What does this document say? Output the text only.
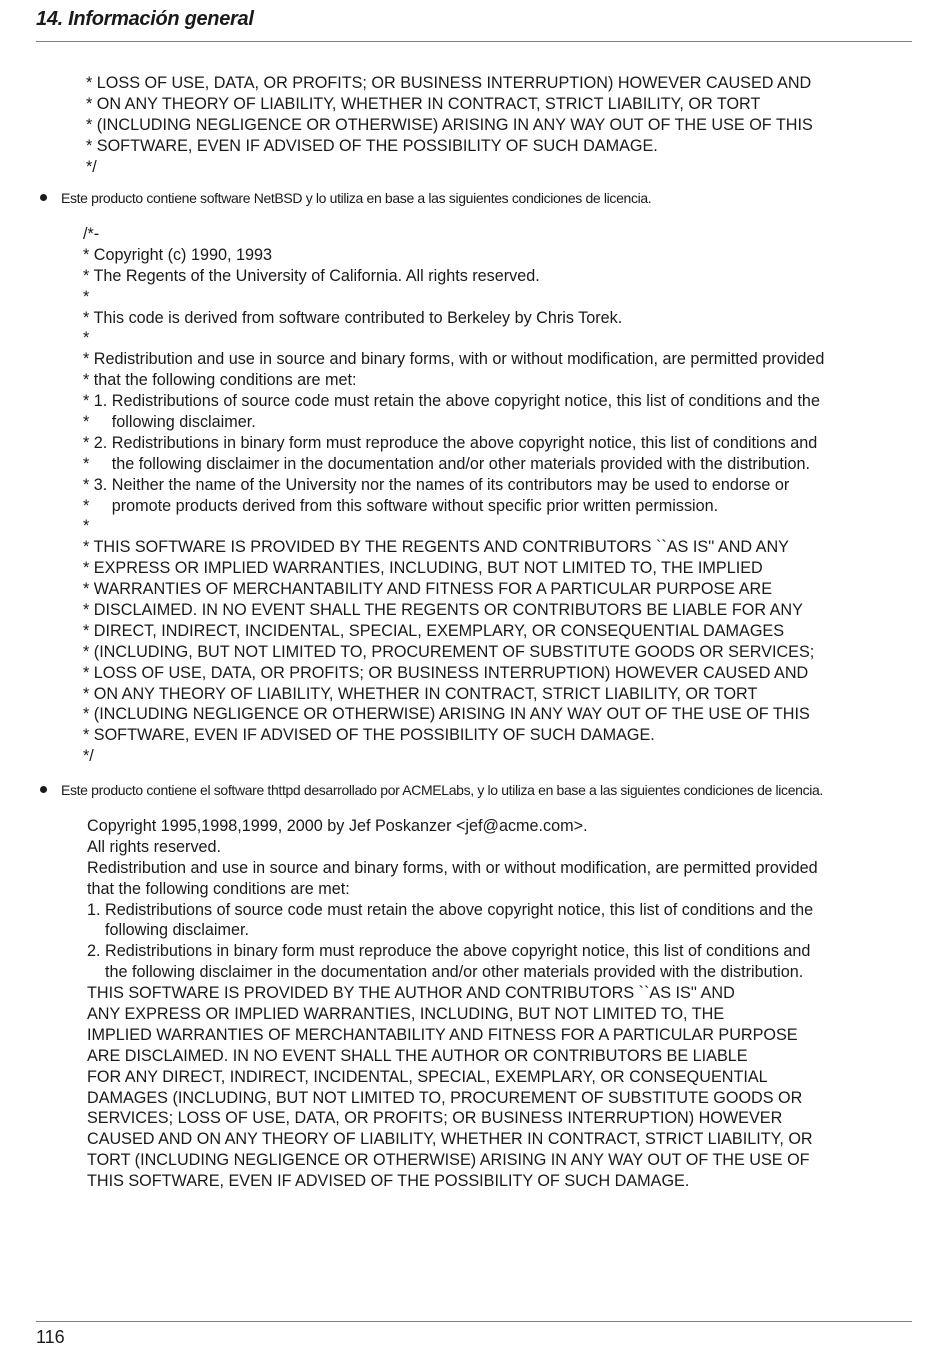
14. Información general
* LOSS OF USE, DATA, OR PROFITS; OR BUSINESS INTERRUPTION) HOWEVER CAUSED AND
* ON ANY THEORY OF LIABILITY, WHETHER IN CONTRACT, STRICT LIABILITY, OR TORT
* (INCLUDING NEGLIGENCE OR OTHERWISE) ARISING IN ANY WAY OUT OF THE USE OF THIS
* SOFTWARE, EVEN IF ADVISED OF THE POSSIBILITY OF SUCH DAMAGE.
*/
Este producto contiene software NetBSD y lo utiliza en base a las siguientes condiciones de licencia.
/*-
* Copyright (c) 1990, 1993
* The Regents of the University of California. All rights reserved.
*
* This code is derived from software contributed to Berkeley by Chris Torek.
*
* Redistribution and use in source and binary forms, with or without modification, are permitted provided
* that the following conditions are met:
* 1. Redistributions of source code must retain the above copyright notice, this list of conditions and the
*     following disclaimer.
* 2. Redistributions in binary form must reproduce the above copyright notice, this list of conditions and
*     the following disclaimer in the documentation and/or other materials provided with the distribution.
* 3. Neither the name of the University nor the names of its contributors may be used to endorse or
*     promote products derived from this software without specific prior written permission.
*
* THIS SOFTWARE IS PROVIDED BY THE REGENTS AND CONTRIBUTORS ``AS IS'' AND ANY
* EXPRESS OR IMPLIED WARRANTIES, INCLUDING, BUT NOT LIMITED TO, THE IMPLIED
* WARRANTIES OF MERCHANTABILITY AND FITNESS FOR A PARTICULAR PURPOSE ARE
* DISCLAIMED. IN NO EVENT SHALL THE REGENTS OR CONTRIBUTORS BE LIABLE FOR ANY
* DIRECT, INDIRECT, INCIDENTAL, SPECIAL, EXEMPLARY, OR CONSEQUENTIAL DAMAGES
* (INCLUDING, BUT NOT LIMITED TO, PROCUREMENT OF SUBSTITUTE GOODS OR SERVICES;
* LOSS OF USE, DATA, OR PROFITS; OR BUSINESS INTERRUPTION) HOWEVER CAUSED AND
* ON ANY THEORY OF LIABILITY, WHETHER IN CONTRACT, STRICT LIABILITY, OR TORT
* (INCLUDING NEGLIGENCE OR OTHERWISE) ARISING IN ANY WAY OUT OF THE USE OF THIS
* SOFTWARE, EVEN IF ADVISED OF THE POSSIBILITY OF SUCH DAMAGE.
*/
Este producto contiene el software thttpd desarrollado por ACMELabs, y lo utiliza en base a las siguientes condiciones de licencia.
Copyright 1995,1998,1999, 2000 by Jef Poskanzer <jef@acme.com>.
All rights reserved.
Redistribution and use in source and binary forms, with or without modification, are permitted provided
that the following conditions are met:
1. Redistributions of source code must retain the above copyright notice, this list of conditions and the
following disclaimer.
2. Redistributions in binary form must reproduce the above copyright notice, this list of conditions and
the following disclaimer in the documentation and/or other materials provided with the distribution.
THIS SOFTWARE IS PROVIDED BY THE AUTHOR AND CONTRIBUTORS ``AS IS'' AND
ANY EXPRESS OR IMPLIED WARRANTIES, INCLUDING, BUT NOT LIMITED TO, THE
IMPLIED WARRANTIES OF MERCHANTABILITY AND FITNESS FOR A PARTICULAR PURPOSE
ARE DISCLAIMED. IN NO EVENT SHALL THE AUTHOR OR CONTRIBUTORS BE LIABLE
FOR ANY DIRECT, INDIRECT, INCIDENTAL, SPECIAL, EXEMPLARY, OR CONSEQUENTIAL
DAMAGES (INCLUDING, BUT NOT LIMITED TO, PROCUREMENT OF SUBSTITUTE GOODS OR
SERVICES; LOSS OF USE, DATA, OR PROFITS; OR BUSINESS INTERRUPTION) HOWEVER
CAUSED AND ON ANY THEORY OF LIABILITY, WHETHER IN CONTRACT, STRICT LIABILITY, OR
TORT (INCLUDING NEGLIGENCE OR OTHERWISE) ARISING IN ANY WAY OUT OF THE USE OF
THIS SOFTWARE, EVEN IF ADVISED OF THE POSSIBILITY OF SUCH DAMAGE.
116
